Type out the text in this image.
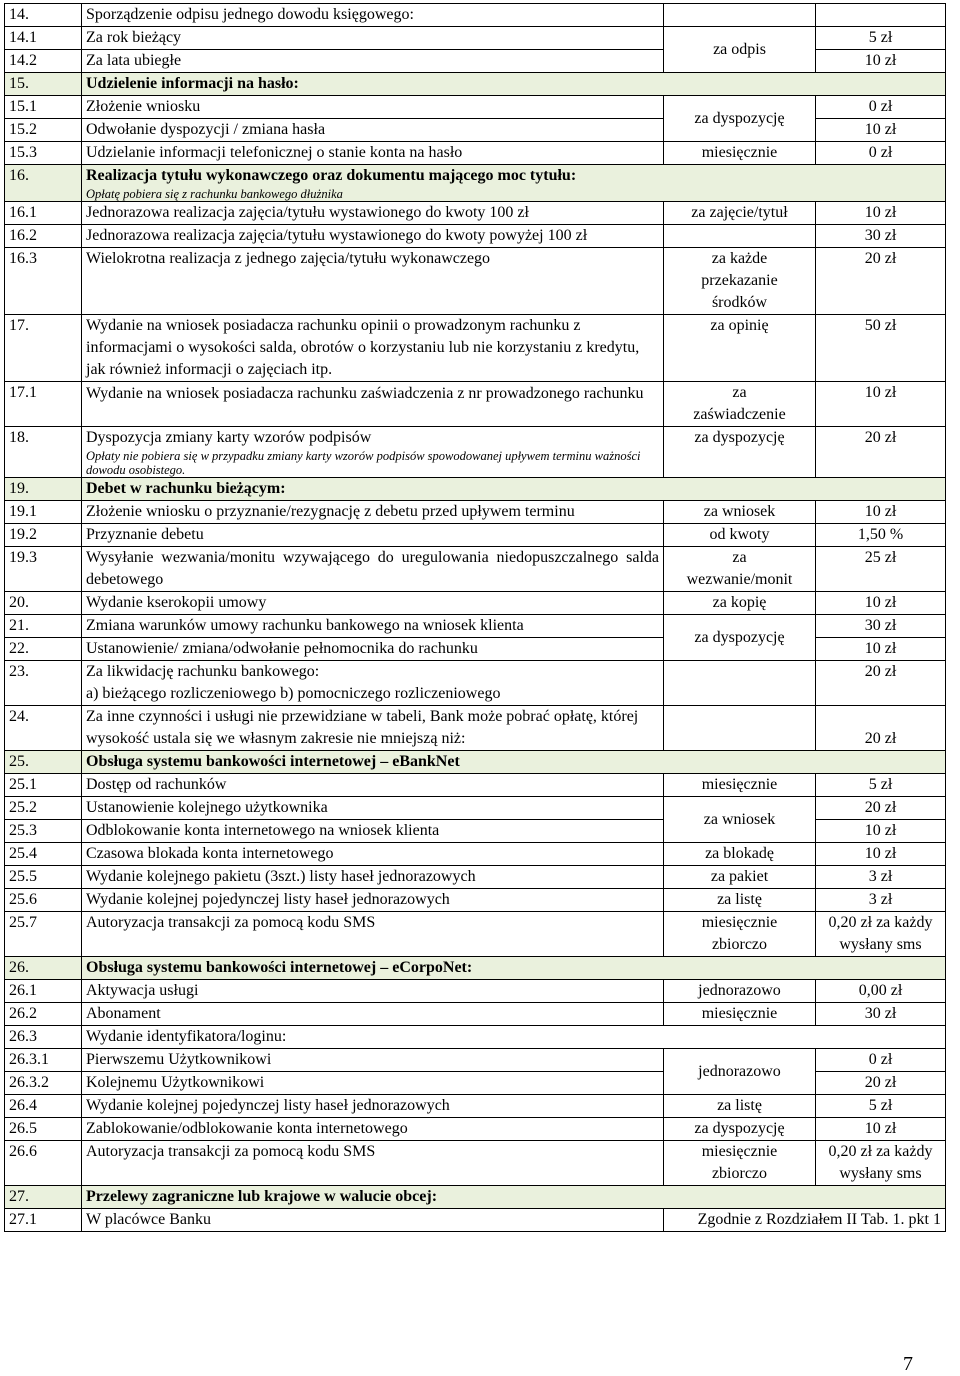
14.	Sporządzenie odpisu jednego dowodu księgowego:		
14.1	Za rok bieżący	za odpis	5 zł
14.2	Za lata ubiegłe		10 zł
15.	Udzielenie informacji na hasło:		
15.1	Złożenie wniosku	za dyspozycję	0 zł
15.2	Odwołanie dyspozycji / zmiana hasła		10 zł
15.3	Udzielanie informacji telefonicznej o stanie konta na hasło	miesięcznie	0 zł
16.	Realizacja tytułu wykonawczego oraz dokumentu mającego moc tytułu:
Opłatę pobiera się z rachunku bankowego dłużnika		

16.1	Jednorazowa realizacja zajęcia/tytułu wystawionego do kwoty 100 zł	za zajęcie/tytuł	10 zł
16.2	Jednorazowa realizacja zajęcia/tytułu wystawionego do kwoty powyżej 100 zł		30 zł
16.3	Wielokrotna realizacja z jednego zajęcia/tytułu wykonawczego	za każde przekazanie środków	20 zł
17.	Wydanie na wniosek posiadacza rachunku opinii o prowadzonym rachunku z informacjami o wysokości salda, obrotów o korzystaniu lub nie korzystaniu z kredytu, jak również informacji o zajęciach itp.	za opinię	50 zł
17.1	Wydanie na wniosek posiadacza rachunku zaświadczenia z nr prowadzonego rachunku	za zaświadczenie	10 zł
18.	Dyspozycja zmiany karty wzorów podpisów
Opłaty nie pobiera się w przypadku zmiany karty wzorów podpisów spowodowanej upływem terminu ważności dowodu osobistego.	za dyspozycję	20 zł
19.	Debet w rachunku bieżącym:		
19.1	Złożenie wniosku o przyznanie/rezygnację z debetu przed upływem terminu	za wniosek	10 zł
19.2	Przyznanie debetu	od kwoty	1,50 %
19.3	Wysyłanie wezwania/monitu wzywającego do uregulowania niedopuszczalnego salda debetowego	za wezwanie/monit	25 zł
20.	Wydanie kserokopii umowy	za kopię	10 zł
21.	Zmiana warunków umowy rachunku bankowego na wniosek klienta	za dyspozycję	30 zł
22.	Ustanowienie/ zmiana/odwołanie pełnomocnika do rachunku		10 zł
23.	Za likwidację rachunku bankowego:
a) bieżącego rozliczeniowego b) pomocniczego rozliczeniowego		20 zł
24.	Za inne czynności i usługi nie przewidziane w tabeli, Bank może pobrać opłatę, której wysokość ustala się we własnym zakresie nie mniejszą niż:		20 zł
25.	Obsługa systemu bankowości internetowej – eBankNet		
25.1	Dostęp od rachunków	miesięcznie	5 zł
25.2	Ustanowienie kolejnego użytkownika	za wniosek	20 zł
25.3	Odblokowanie konta internetowego na wniosek klienta		10 zł
25.4	Czasowa blokada konta internetowego	za blokadę	10 zł
25.5	Wydanie kolejnego pakietu (3szt.) listy haseł jednorazowych	za pakiet	3 zł
25.6	Wydanie kolejnej pojedynczej listy haseł jednorazowych	za listę	3 zł
25.7	Autoryzacja transakcji za pomocą kodu SMS	miesięcznie zbiorczo	0,20 zł za każdy wysłany sms
26.	Obsługa systemu bankowości internetowej – eCorpoNet:		
26.1	Aktywacja usługi	jednorazowo	0,00 zł
26.2	Abonament	miesięcznie	30 zł
26.3	Wydanie identyfikatora/loginu:		
26.3.1	Pierwszemu Użytkownikowi	jednorazowo	0 zł
26.3.2	Kolejnemu Użytkownikowi		20 zł
26.4	Wydanie kolejnej pojedynczej listy haseł jednorazowych	za listę	5 zł
26.5	Zablokowanie/odblokowanie konta internetowego	za dyspozycję	10 zł
26.6	Autoryzacja transakcji za pomocą kodu SMS	miesięcznie zbiorczo	0,20 zł za każdy wysłany sms
27.	Przelewy zagraniczne lub krajowe w walucie obcej:		
27.1	W placówce Banku	Zgodnie z Rozdziałem II Tab. 1. pkt 1	
7
